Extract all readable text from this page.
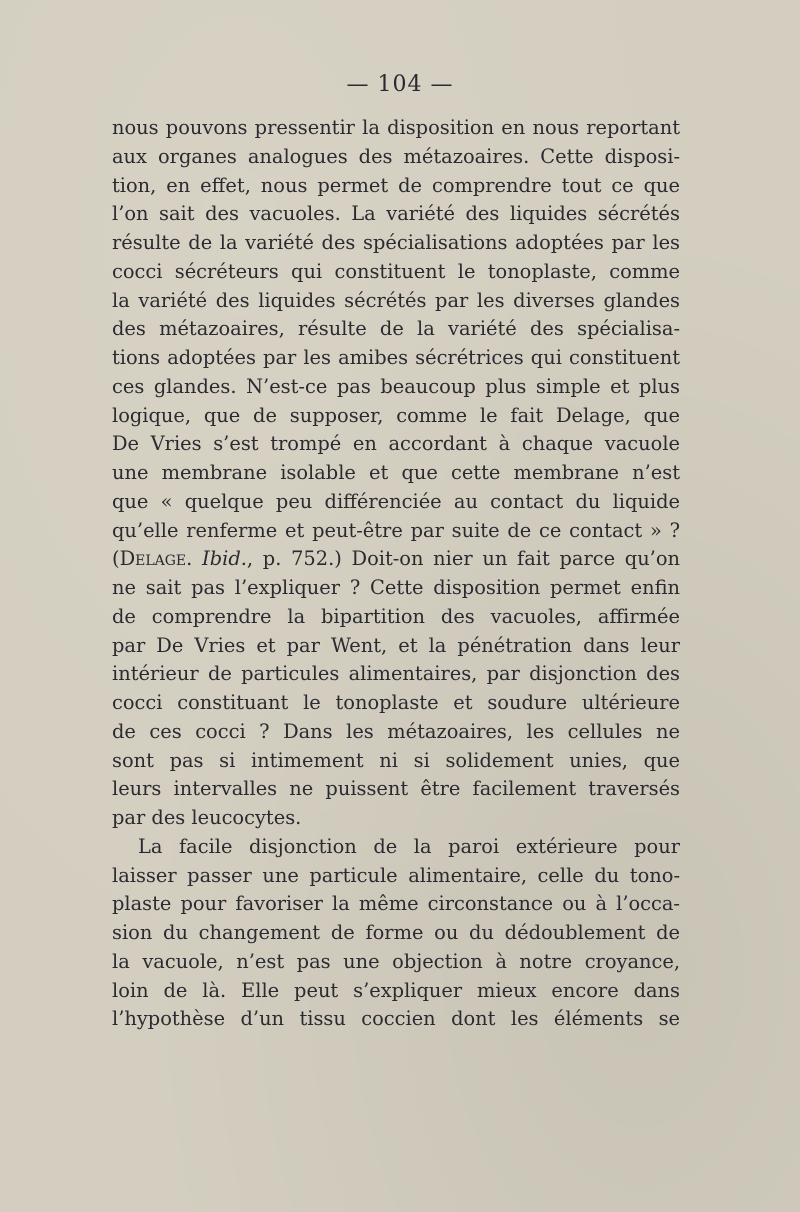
— 104 —
nous pouvons pressentir la disposition en nous reportant
aux organes analogues des métazoaires. Cette disposi-
tion, en effet, nous permet de comprendre tout ce que
l’on sait des vacuoles. La variété des liquides sécrétés
résulte de la variété des spécialisations adoptées par les
cocci sécréteurs qui constituent le tonoplaste, comme
la variété des liquides sécrétés par les diverses glandes
des métazoaires, résulte de la variété des spécialisa-
tions adoptées par les amibes sécrétrices qui constituent
ces glandes. N’est-ce pas beaucoup plus simple et plus
logique, que de supposer, comme le fait Delage, que
De Vries s’est trompé en accordant à chaque vacuole
une membrane isolable et que cette membrane n’est
que « quelque peu différenciée au contact du liquide
qu’elle renferme et peut-être par suite de ce contact » ?
(Delage. Ibid., p. 752.) Doit-on nier un fait parce qu’on
ne sait pas l’expliquer ? Cette disposition permet enfin
de comprendre la bipartition des vacuoles, affirmée
par De Vries et par Went, et la pénétration dans leur
intérieur de particules alimentaires, par disjonction des
cocci constituant le tonoplaste et soudure ultérieure
de ces cocci ? Dans les métazoaires, les cellules ne
sont pas si intimement ni si solidement unies, que
leurs intervalles ne puissent être facilement traversés
par des leucocytes.
La facile disjonction de la paroi extérieure pour
laisser passer une particule alimentaire, celle du tono-
plaste pour favoriser la même circonstance ou à l’occa-
sion du changement de forme ou du dédoublement de
la vacuole, n’est pas une objection à notre croyance,
loin de là. Elle peut s’expliquer mieux encore dans
l’hypothèse d’un tissu coccien dont les éléments se
